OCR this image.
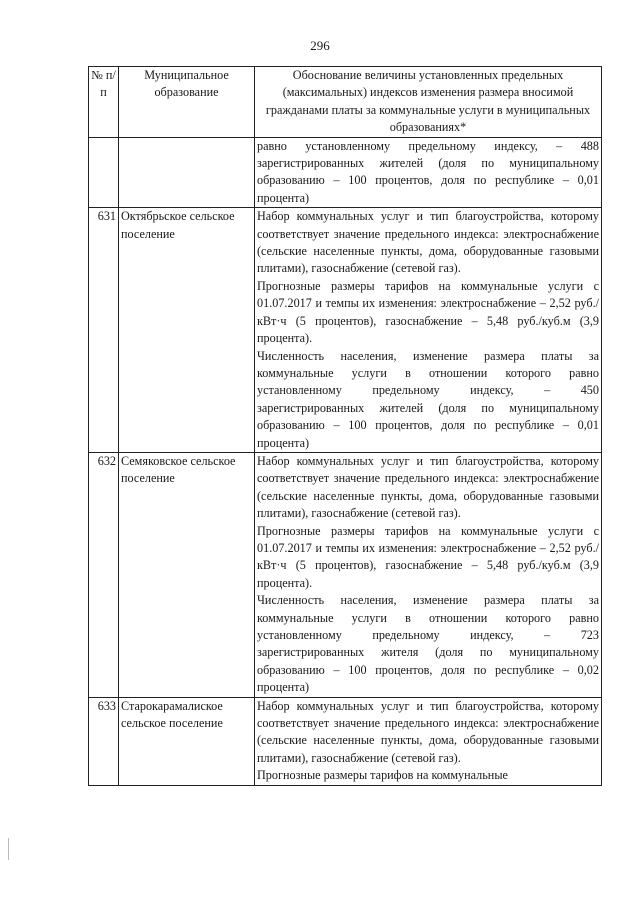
296
№ п/п	Муниципальное образование	Обоснование величины установленных предельных (максимальных) индексов изменения размера вносимой гражданами платы за коммунальные услуги в муниципальных образованиях*

		равно установленному предельному индексу, – 488 зарегистрированных жителей (доля по муниципальному образованию – 100 процентов, доля по республике – 0,01 процента)

631	Октябрьское сельское поселение	Набор коммунальных услуг и тип благоустройства, которому соответствует значение предельного индекса: электроснабжение (сельские населенные пункты, дома, оборудованные газовыми плитами), газоснабжение (сетевой газ).
Прогнозные размеры тарифов на коммунальные услуги с 01.07.2017 и темпы их изменения: электроснабжение – 2,52 руб./кВт·ч (5 процентов), газоснабжение – 5,48 руб./куб.м (3,9 процента).
Численность населения, изменение размера платы за коммунальные услуги в отношении которого равно установленному предельному индексу, – 450 зарегистрированных жителей (доля по муниципальному образованию – 100 процентов, доля по республике – 0,01 процента)

632	Семяковское сельское поселение	Набор коммунальных услуг и тип благоустройства, которому соответствует значение предельного индекса: электроснабжение (сельские населенные пункты, дома, оборудованные газовыми плитами), газоснабжение (сетевой газ).
Прогнозные размеры тарифов на коммунальные услуги с 01.07.2017 и темпы их изменения: электроснабжение – 2,52 руб./кВт·ч (5 процентов), газоснабжение – 5,48 руб./куб.м (3,9 процента).
Численность населения, изменение размера платы за коммунальные услуги в отношении которого равно установленному предельному индексу, – 723 зарегистрированных жителя (доля по муниципальному образованию – 100 процентов, доля по республике – 0,02 процента)

633	Старокарамалиское сельское поселение	Набор коммунальных услуг и тип благоустройства, которому соответствует значение предельного индекса: электроснабжение (сельские населенные пункты, дома, оборудованные газовыми плитами), газоснабжение (сетевой газ).
Прогнозные размеры тарифов на коммунальные
